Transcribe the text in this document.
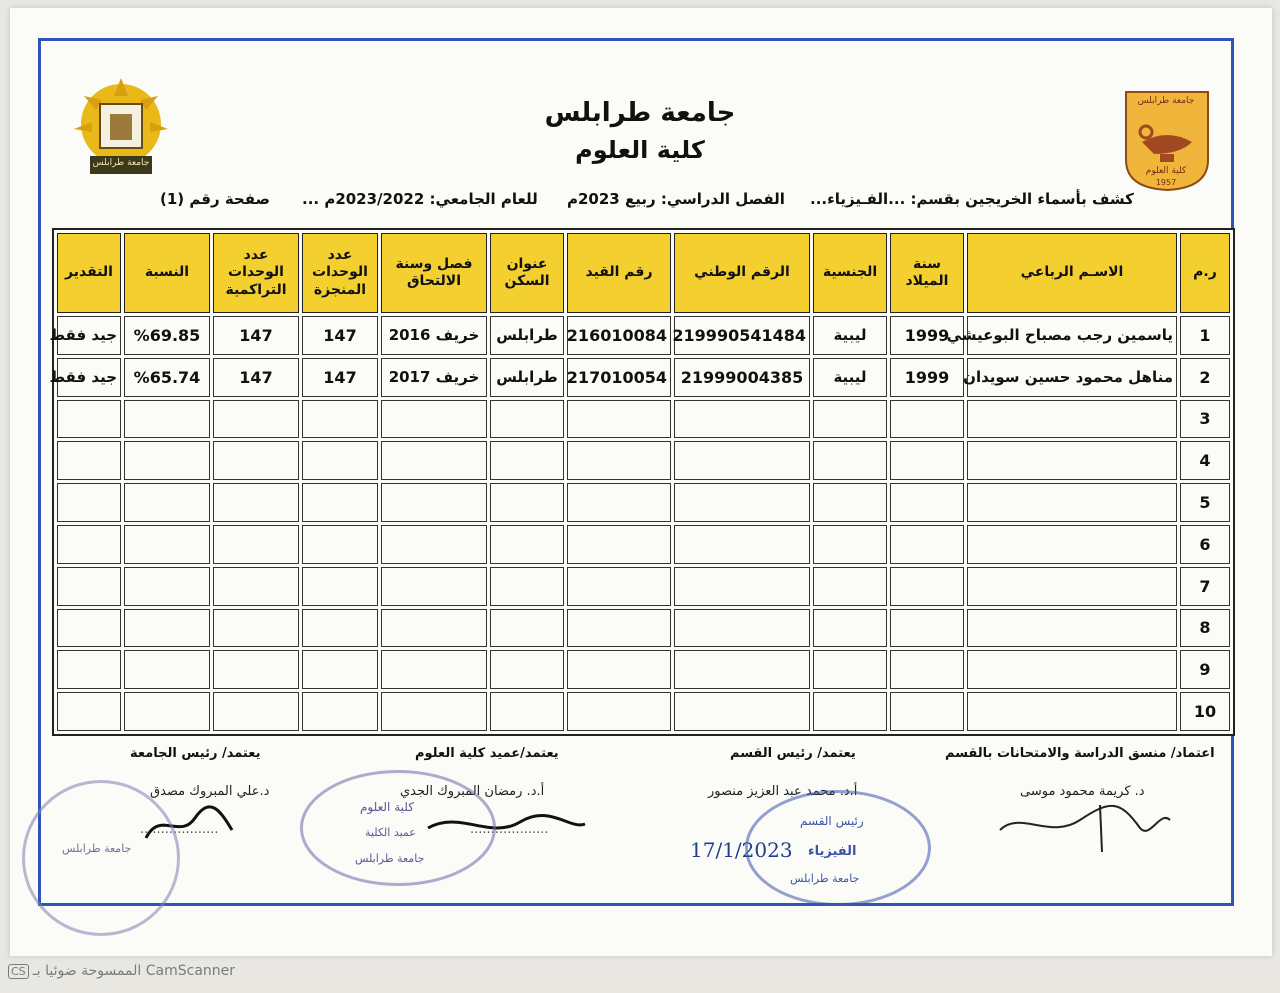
جامعة طرابلس
جامعة طرابلس
كلية العلوم
1957
جامعة طرابلس
كلية العلوم
كشف بأسماء الخريجين بقسم: ...الفـيزياء...
الفصل الدراسي: ربيع 2023م
للعام الجامعي: 2023/2022م ...
صفحة رقم (1)
ر.م	الاسـم الرباعي	سنة الميلاد	الجنسية	الرقم الوطني	رقم القيد	عنوان السكن	فصل وسنة الالتحاق	عدد الوحدات المنجزة	عدد الوحدات التراكمية	النسبة	التقدير
1	ياسمين رجب مصباح البوعيشي	1999	ليبية	219990541484	216010084	طرابلس	خريف 2016	147	147	%69.85	جيد فقط
2	مناهل محمود حسين سويدان	1999	ليبية	21999004385	217010054	طرابلس	خريف 2017	147	147	%65.74	جيد فقط
3											
4											
5											
6											
7											
8											
9											
10											
اعتماد/ منسق الدراسة والامتحانات بالقسم
يعتمد/ رئيس القسم
يعتمد/عميد كلية العلوم
يعتمد/ رئيس الجامعة
د. كريمة محمود موسى
أ.د. محمد عبد العزيز منصور
أ.د. رمضان المبروك الجدي
د.علي المبروك مصدق
...................
...................
17/1/2023
كلية العلوم
عميد الكلية
جامعة طرابلس
رئيس القسم
الفيزياء
جامعة طرابلس
جامعة طرابلس
CS الممسوحة ضوئيا بـ CamScanner
